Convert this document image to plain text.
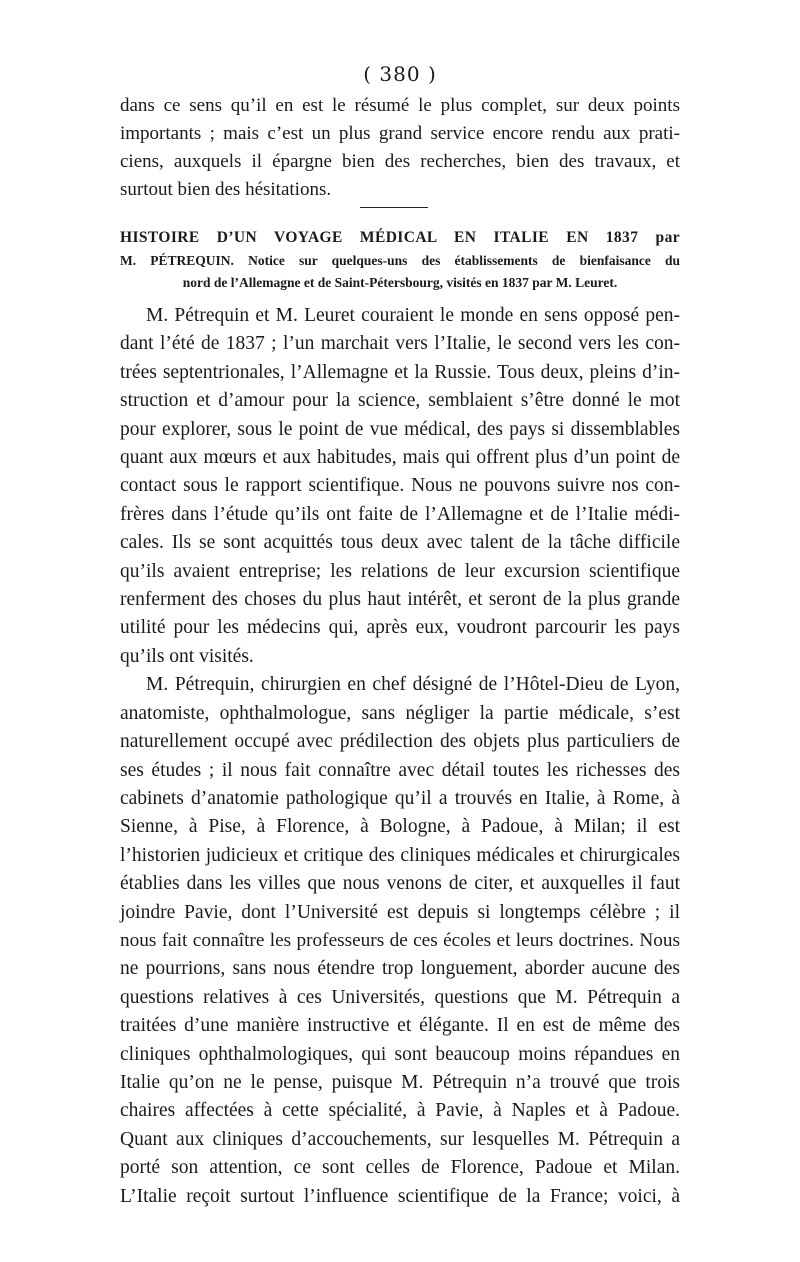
( 380 )
dans ce sens qu’il en est le résumé le plus complet, sur deux points
importants ; mais c’est un plus grand service encore rendu aux prati-
ciens, auxquels il épargne bien des recherches, bien des travaux, et
surtout bien des hésitations.
HISTOIRE D’UN VOYAGE MÉDICAL EN ITALIE EN 1837 par
M. PÉTREQUIN. Notice sur quelques-uns des établissements de bienfaisance du
nord de l’Allemagne et de Saint-Pétersbourg, visités en 1837 par M. Leuret.
M. Pétrequin et M. Leuret couraient le monde en sens opposé pen-
dant l’été de 1837 ; l’un marchait vers l’Italie, le second vers les con-
trées septentrionales, l’Allemagne et la Russie. Tous deux, pleins d’in-
struction et d’amour pour la science, semblaient s’être donné le mot
pour explorer, sous le point de vue médical, des pays si dissemblables
quant aux mœurs et aux habitudes, mais qui offrent plus d’un point de
contact sous le rapport scientifique. Nous ne pouvons suivre nos con-
frères dans l’étude qu’ils ont faite de l’Allemagne et de l’Italie médi-
cales. Ils se sont acquittés tous deux avec talent de la tâche difficile
qu’ils avaient entreprise; les relations de leur excursion scientifique
renferment des choses du plus haut intérêt, et seront de la plus grande
utilité pour les médecins qui, après eux, voudront parcourir les pays
qu’ils ont visités.
M. Pétrequin, chirurgien en chef désigné de l’Hôtel-Dieu de Lyon,
anatomiste, ophthalmologue, sans négliger la partie médicale, s’est
naturellement occupé avec prédilection des objets plus particuliers de
ses études ; il nous fait connaître avec détail toutes les richesses des
cabinets d’anatomie pathologique qu’il a trouvés en Italie, à Rome, à
Sienne, à Pise, à Florence, à Bologne, à Padoue, à Milan; il est
l’historien judicieux et critique des cliniques médicales et chirurgicales
établies dans les villes que nous venons de citer, et auxquelles il faut
joindre Pavie, dont l’Université est depuis si longtemps célèbre ; il
nous fait connaître les professeurs de ces écoles et leurs doctrines. Nous
ne pourrions, sans nous étendre trop longuement, aborder aucune des
questions relatives à ces Universités, questions que M. Pétrequin a
traitées d’une manière instructive et élégante. Il en est de même des
cliniques ophthalmologiques, qui sont beaucoup moins répandues en
Italie qu’on ne le pense, puisque M. Pétrequin n’a trouvé que trois
chaires affectées à cette spécialité, à Pavie, à Naples et à Padoue.
Quant aux cliniques d’accouchements, sur lesquelles M. Pétrequin a
porté son attention, ce sont celles de Florence, Padoue et Milan.
L’Italie reçoit surtout l’influence scientifique de la France; voici, à
